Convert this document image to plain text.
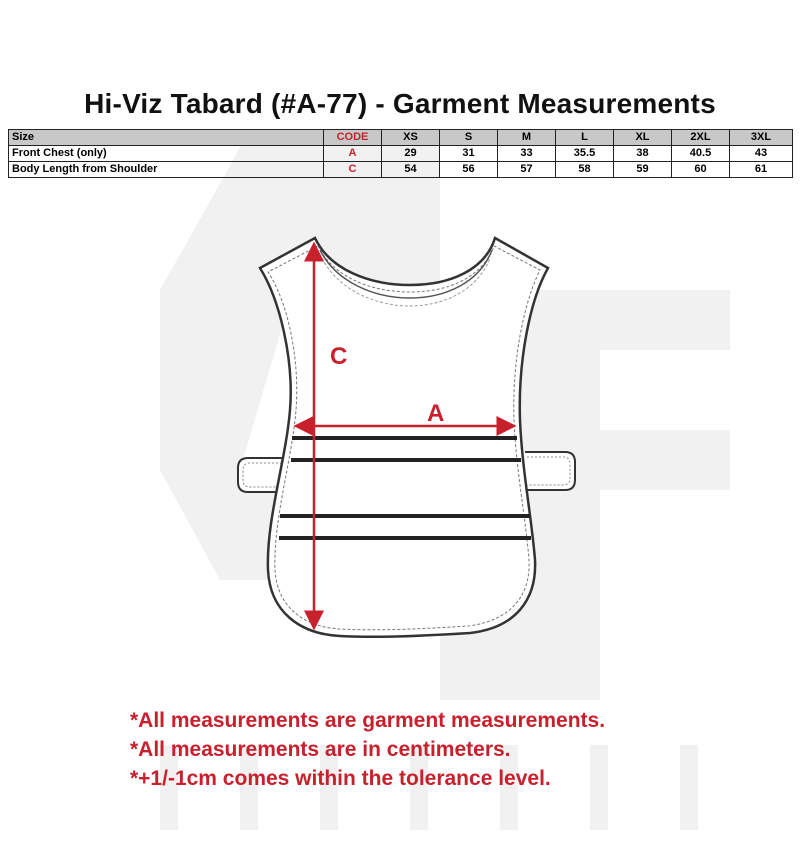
Hi-Viz Tabard (#A-77) - Garment Measurements
Size	CODE	XS	S	M	L	XL	2XL	3XL
Front Chest (only)	A	29	31	33	35.5	38	40.5	43
Body Length from Shoulder	C	54	56	57	58	59	60	61
C
A
*All measurements are garment measurements.
*All measurements are in centimeters.
*+1/-1cm comes within the tolerance level.
